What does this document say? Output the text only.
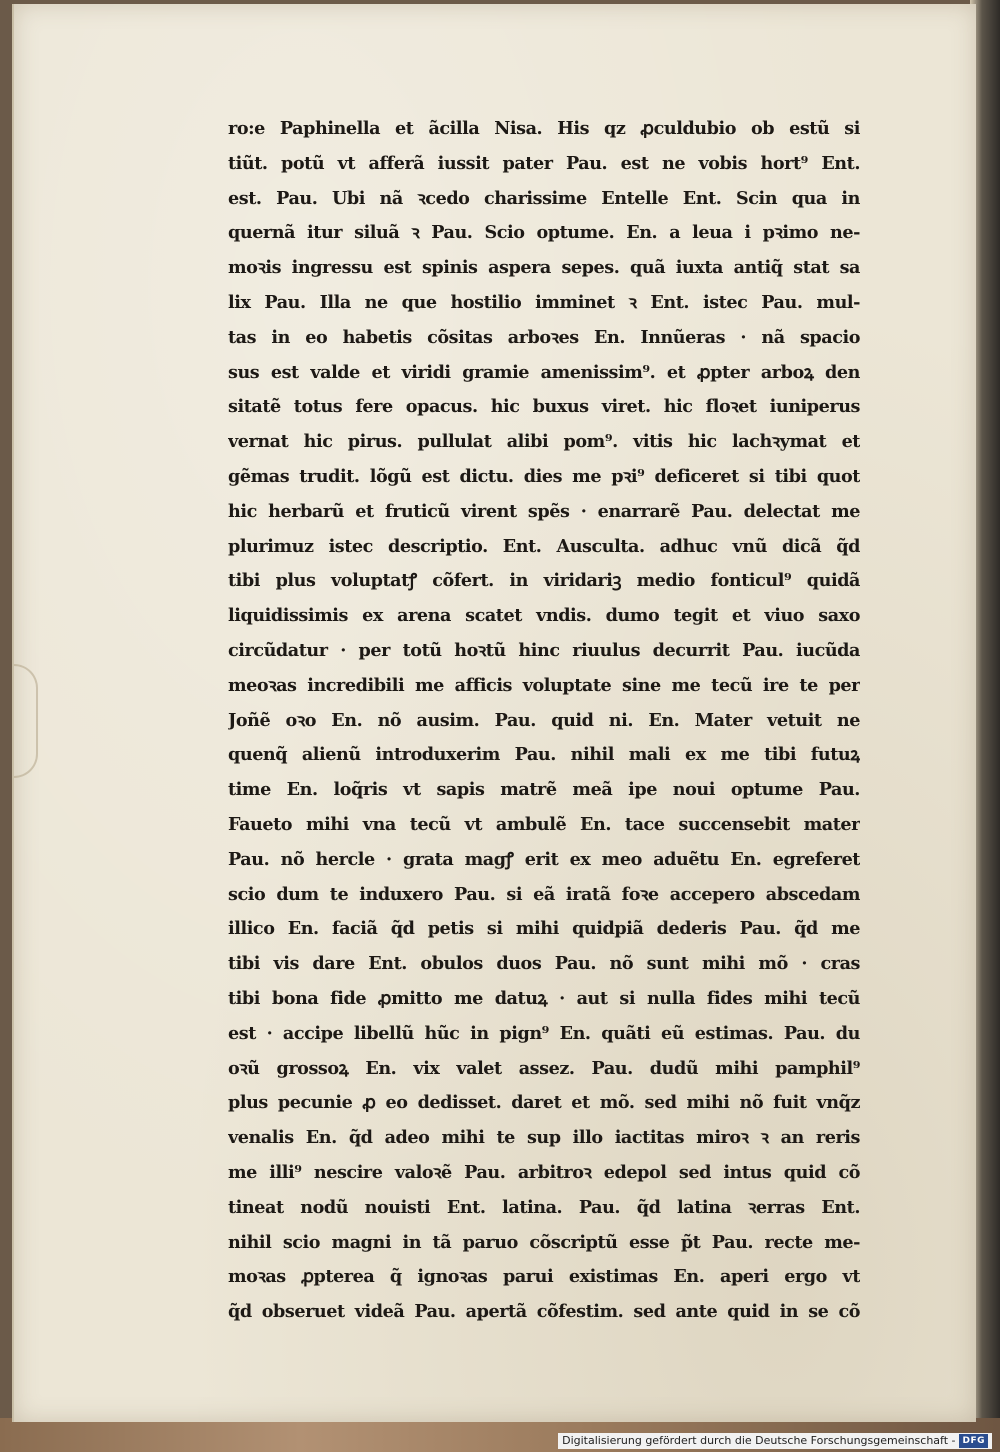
ro:e Paphinella et ãcilla Nisa. His qz ꝓculdubio ob estũ si
tiũt. potũ vt afferã iussit pater Pau. est ne vobis hort⁹ Ent.
est. Pau. Ubi nã ꝛcedo charissime Entelle Ent. Scin qua in
quernã itur siluã ꝛ Pau. Scio optume. En. a leua i pꝛimo ne-
moꝛis ingressu est spinis aspera sepes. quã iuxta antiq̃ stat sa
lix Pau. Illa ne que hostilio imminet ꝛ Ent. istec Pau. mul-
tas in eo habetis cõsitas arboꝛes En. Innũeras · nã spacio
sus est valde et viridi gramie amenissim⁹. et ꝓpter arboꝝ den
sitatẽ totus fere opacus. hic buxus viret. hic floꝛet iuniperus
vernat hic pirus. pullulat alibi pom⁹. vitis hic lachꝛymat et
gẽmas trudit. lõgũ est dictu. dies me pꝛi⁹ deficeret si tibi quot
hic herbarũ et fruticũ virent spẽs · enarrarẽ Pau. delectat me
plurimuz istec descriptio. Ent. Ausculta. adhuc vnũ dicã q̃d
tibi plus voluptatꝭ cõfert. in viridariꝫ medio fonticul⁹ quidã
liquidissimis ex arena scatet vndis. dumo tegit et viuo saxo
circũdatur · per totũ hoꝛtũ hinc riuulus decurrit Pau. iucũda
meoꝛas incredibili me afficis voluptate sine me tecũ ire te per
Joñẽ oꝛo En. nõ ausim. Pau. quid ni. En. Mater vetuit ne
quenq̃ alienũ introduxerim Pau. nihil mali ex me tibi futuꝝ
time En. loq̃ris vt sapis matrẽ meã ipe noui optume Pau.
Faueto mihi vna tecũ vt ambulẽ En. tace succensebit mater
Pau. nõ hercle · grata magꝭ erit ex meo aduẽtu En. egreferet
scio dum te induxero Pau. si eã iratã foꝛe accepero abscedam
illico En. faciã q̃d petis si mihi quidpiã dederis Pau. q̃d me
tibi vis dare Ent. obulos duos Pau. nõ sunt mihi mõ · cras
tibi bona fide ꝓmitto me datuꝝ · aut si nulla fides mihi tecũ
est · accipe libellũ hũc in pign⁹ En. quãti eũ estimas. Pau. du
oꝛũ grossoꝝ En. vix valet assez. Pau. dudũ mihi pamphil⁹
plus pecunie ꝓ eo dedisset. daret et mõ. sed mihi nõ fuit vnq̃z
venalis En. q̃d adeo mihi te sup illo iactitas miroꝛ ꝛ an reris
me illi⁹ nescire valoꝛẽ Pau. arbitroꝛ edepol sed intus quid cõ
tineat nodũ nouisti Ent. latina. Pau. q̃d latina ꝛerras Ent.
nihil scio magni in tã paruo cõscriptũ esse p̃t Pau. recte me-
moꝛas ꝓpterea q̃ ignoꝛas parui existimas En. aperi ergo vt
q̃d obseruet videã Pau. apertã cõfestim. sed ante quid in se cõ
Digitalisierung gefördert durch die Deutsche Forschungsgemeinschaft - DFG
